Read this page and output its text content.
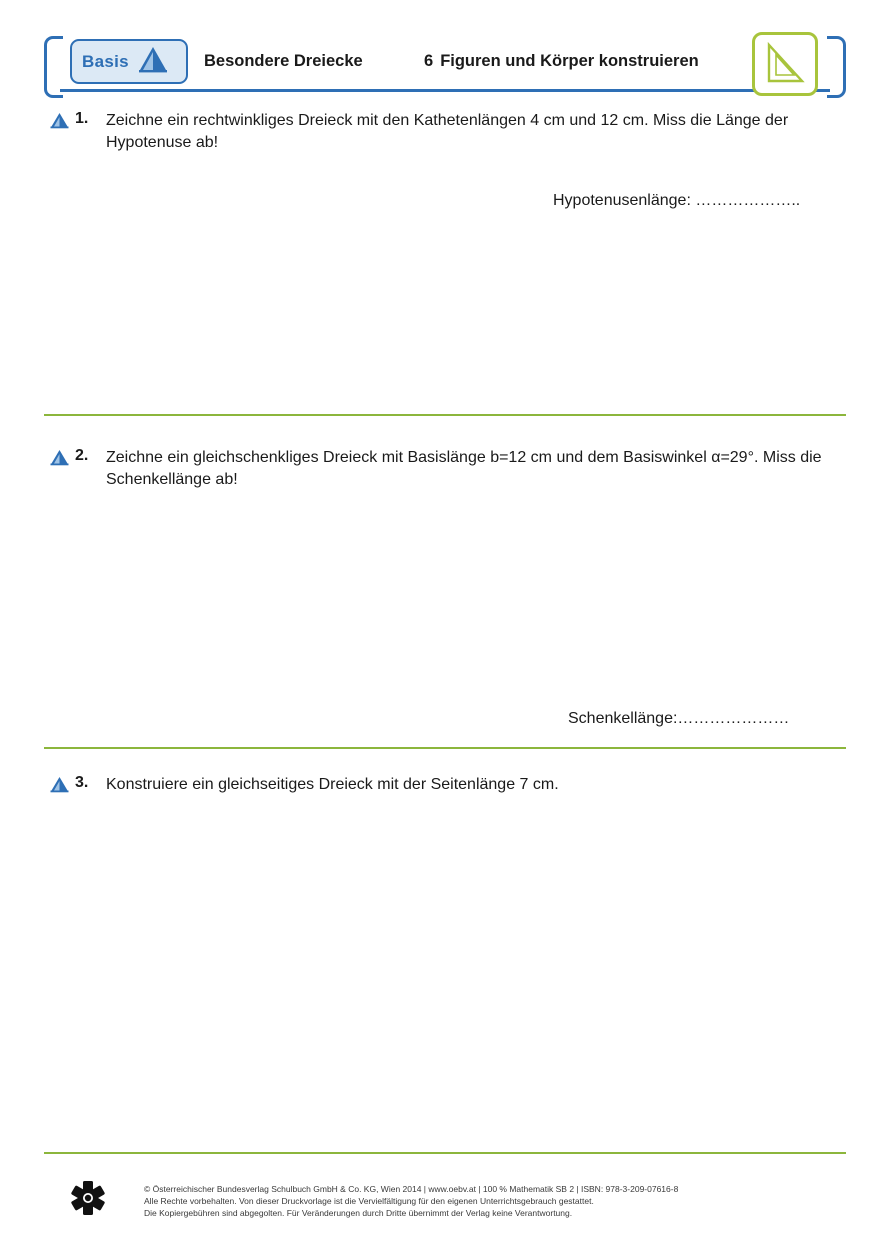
Basis	Besondere Dreiecke	6 Figuren und Körper konstruieren
1. Zeichne ein rechtwinkliges Dreieck mit den Kathetenlängen 4 cm und 12 cm. Miss die Länge der Hypotenuse ab!
Hypotenusenlänge: ………………..
2. Zeichne ein gleichschenkliges Dreieck mit Basislänge b=12 cm und dem Basiswinkel α=29°. Miss die Schenkellänge ab!
Schenkellänge:…………………
3. Konstruiere ein gleichseitiges Dreieck mit der Seitenlänge 7 cm.
© Österreichischer Bundesverlag Schulbuch GmbH & Co. KG, Wien 2014 | www.oebv.at | 100 % Mathematik SB 2 | ISBN: 978-3-209-07616-8
Alle Rechte vorbehalten. Von dieser Druckvorlage ist die Vervielfältigung für den eigenen Unterrichtsgebrauch gestattet.
Die Kopiergebühren sind abgegolten. Für Veränderungen durch Dritte übernimmt der Verlag keine Verantwortung.
